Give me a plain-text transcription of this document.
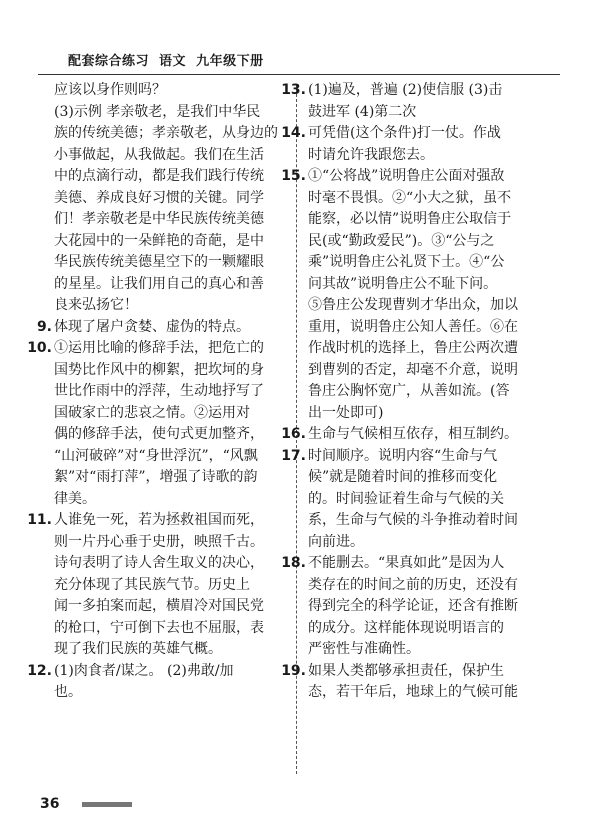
配套综合练习  语文  九年级下册
应该以身作则吗？
(3)示例 孝亲敬老，是我们中华民
族的传统美德；孝亲敬老，从身边的
小事做起，从我做起。我们在生活
中的点滴行动，都是我们践行传统
美德、养成良好习惯的关键。同学
们！孝亲敬老是中华民族传统美德
大花园中的一朵鲜艳的奇葩，是中
华民族传统美德星空下的一颗耀眼
的星星。让我们用自己的真心和善
良来弘扬它！
9. 体现了屠户贪婪、虚伪的特点。
10. ①运用比喻的修辞手法，把危亡的
国势比作风中的柳絮，把坎坷的身
世比作雨中的浮萍，生动地抒写了
国破家亡的悲哀之情。②运用对
偶的修辞手法，使句式更加整齐，
“山河破碎”对“身世浮沉”，“风飘
絮”对“雨打萍”，增强了诗歌的韵
律美。
11. 人谁免一死，若为拯救祖国而死，
则一片丹心垂于史册，映照千古。
诗句表明了诗人舍生取义的决心，
充分体现了其民族气节。历史上
闻一多拍案而起，横眉冷对国民党
的枪口，宁可倒下去也不屈服，表
现了我们民族的英雄气概。
12. (1)肉食者/谋之。 (2)弗敢/加
也。
13. (1)遍及，普遍 (2)使信服 (3)击
鼓进军 (4)第二次
14. 可凭借(这个条件)打一仗。作战
时请允许我跟您去。
15. ①“公将战”说明鲁庄公面对强敌
时毫不畏惧。②“小大之狱，虽不
能察，必以情”说明鲁庄公取信于
民(或“勤政爱民”)。③“公与之
乘”说明鲁庄公礼贤下士。④“公
问其故”说明鲁庄公不耻下问。
⑤鲁庄公发现曹刿才华出众，加以
重用，说明鲁庄公知人善任。⑥在
作战时机的选择上，鲁庄公两次遭
到曹刿的否定，却毫不介意，说明
鲁庄公胸怀宽广，从善如流。(答
出一处即可)
16. 生命与气候相互依存，相互制约。
17. 时间顺序。说明内容“生命与气
候”就是随着时间的推移而变化
的。时间验证着生命与气候的关
系，生命与气候的斗争推动着时间
向前进。
18. 不能删去。“果真如此”是因为人
类存在的时间之前的历史，还没有
得到完全的科学论证，还含有推断
的成分。这样能体现说明语言的
严密性与准确性。
19. 如果人类都够承担责任，保护生
态，若干年后，地球上的气候可能
36
